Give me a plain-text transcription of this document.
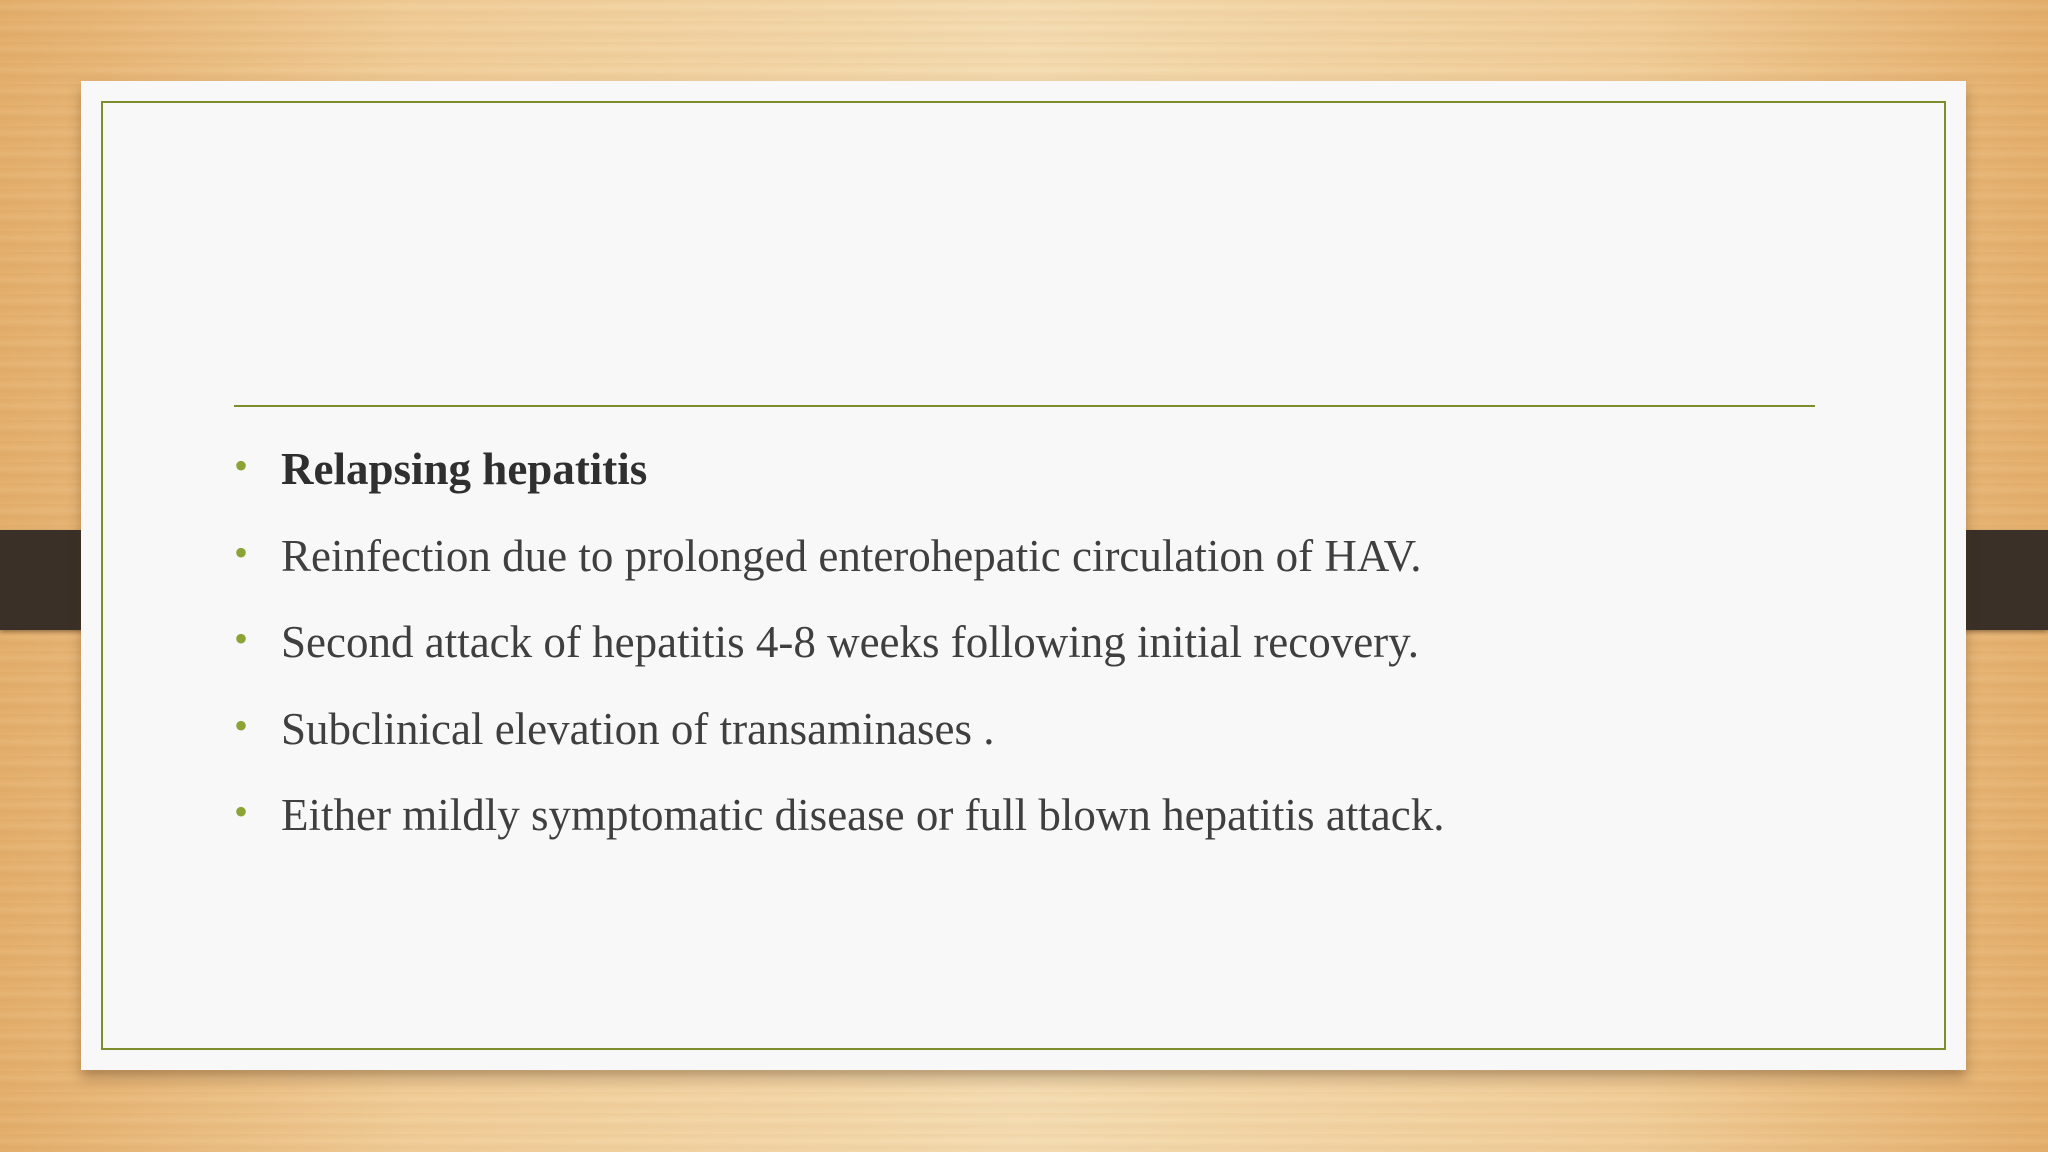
• Relapsing hepatitis
• Reinfection due to prolonged enterohepatic circulation of HAV.
• Second attack of hepatitis 4-8 weeks following initial recovery.
• Subclinical elevation of transaminases .
• Either mildly symptomatic disease or full blown hepatitis attack.
